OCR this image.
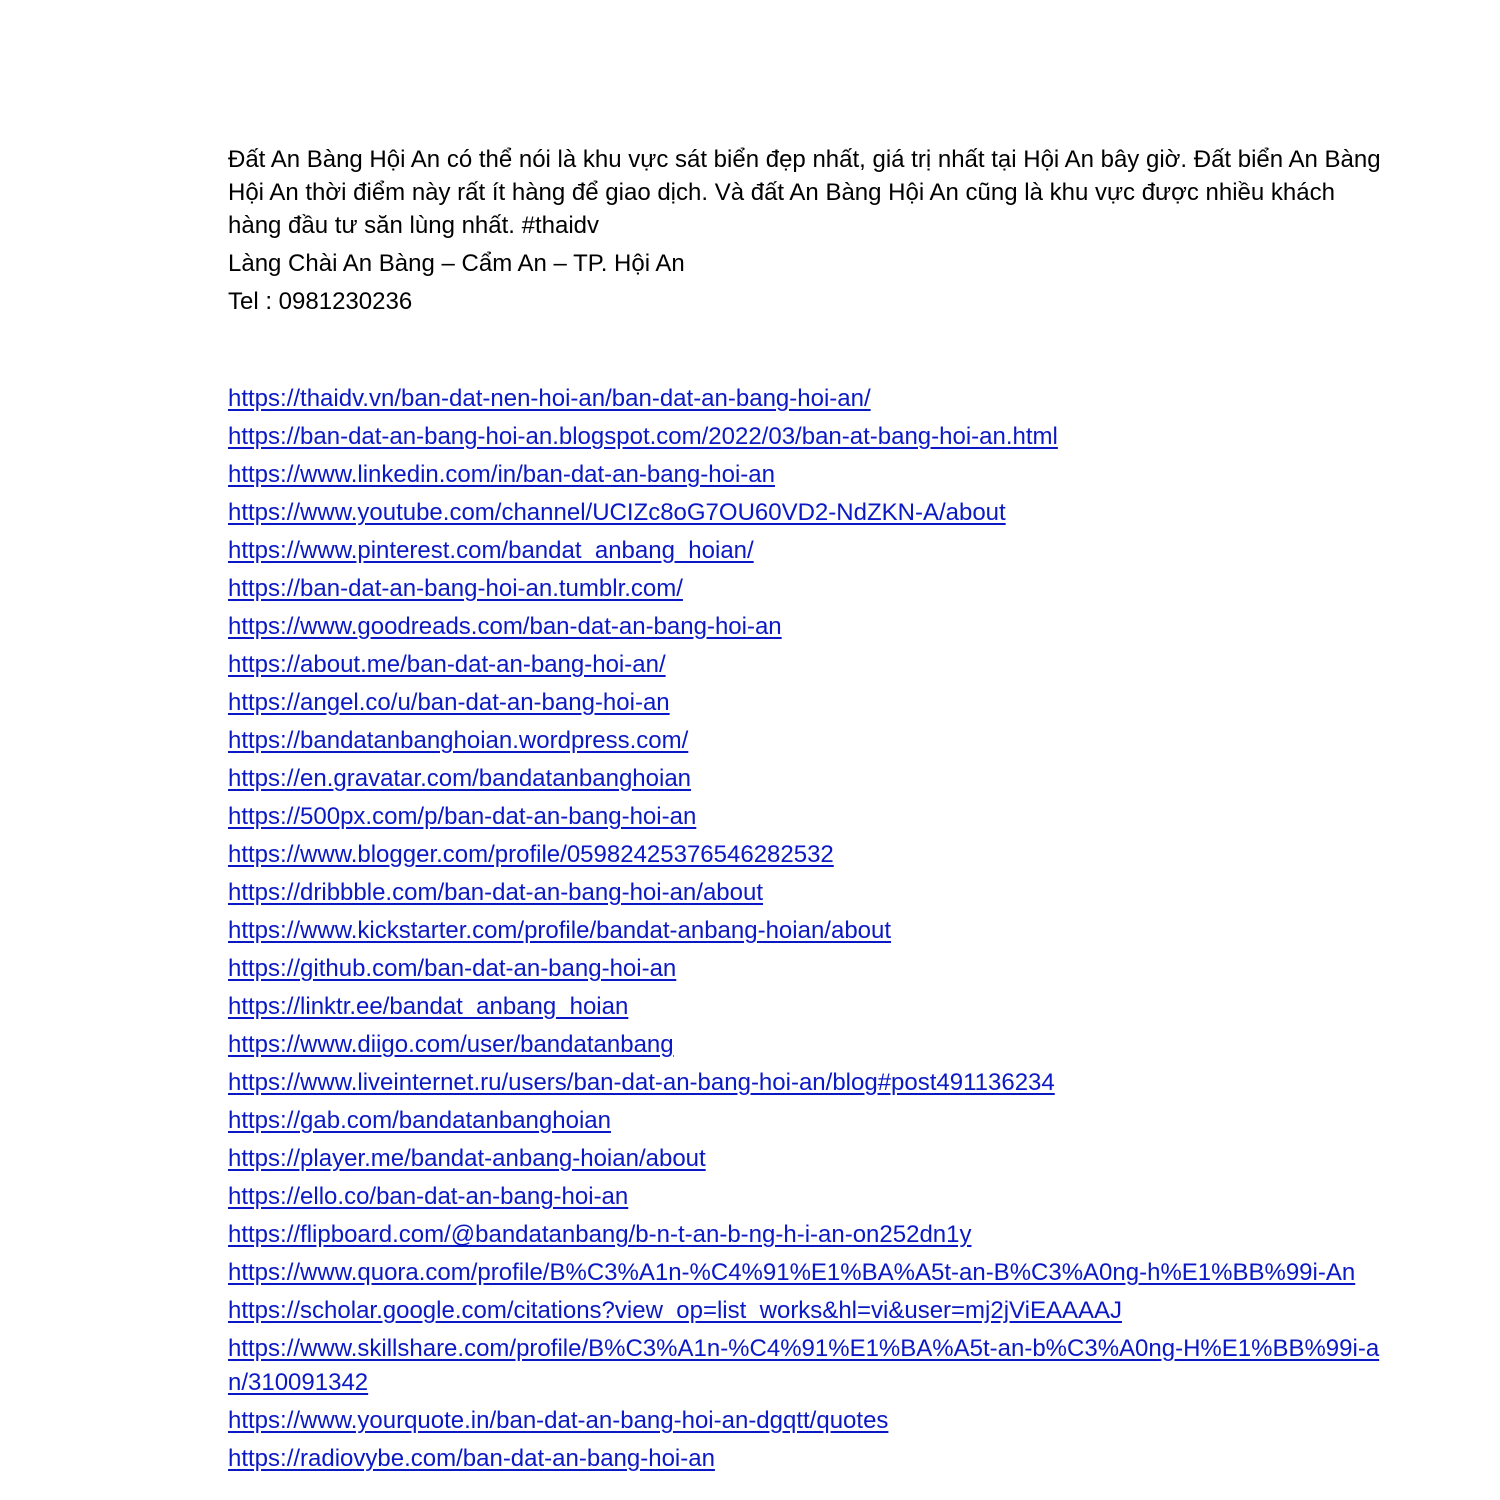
Đất An Bàng Hội An có thể nói là khu vực sát biển đẹp nhất, giá trị nhất tại Hội An bây giờ. Đất biển An Bàng Hội An thời điểm này rất ít hàng để giao dịch. Và đất An Bàng Hội An cũng là khu vực được nhiều khách hàng đầu tư săn lùng nhất. #thaidv

Làng Chài An Bàng – Cẩm An – TP. Hội An

Tel : 0981230236

https://thaidv.vn/ban-dat-nen-hoi-an/ban-dat-an-bang-hoi-an/
https://ban-dat-an-bang-hoi-an.blogspot.com/2022/03/ban-at-bang-hoi-an.html
https://www.linkedin.com/in/ban-dat-an-bang-hoi-an
https://www.youtube.com/channel/UCIZc8oG7OU60VD2-NdZKN-A/about
https://www.pinterest.com/bandat_anbang_hoian/
https://ban-dat-an-bang-hoi-an.tumblr.com/
https://www.goodreads.com/ban-dat-an-bang-hoi-an
https://about.me/ban-dat-an-bang-hoi-an/
https://angel.co/u/ban-dat-an-bang-hoi-an
https://bandatanbanghoian.wordpress.com/
https://en.gravatar.com/bandatanbanghoian
https://500px.com/p/ban-dat-an-bang-hoi-an
https://www.blogger.com/profile/05982425376546282532
https://dribbble.com/ban-dat-an-bang-hoi-an/about
https://www.kickstarter.com/profile/bandat-anbang-hoian/about
https://github.com/ban-dat-an-bang-hoi-an
https://linktr.ee/bandat_anbang_hoian
https://www.diigo.com/user/bandatanbang
https://www.liveinternet.ru/users/ban-dat-an-bang-hoi-an/blog#post491136234
https://gab.com/bandatanbanghoian
https://player.me/bandat-anbang-hoian/about
https://ello.co/ban-dat-an-bang-hoi-an
https://flipboard.com/@bandatanbang/b-n-t-an-b-ng-h-i-an-on252dn1y
https://www.quora.com/profile/B%C3%A1n-%C4%91%E1%BA%A5t-an-B%C3%A0ng-h%E1%BB%99i-An
https://scholar.google.com/citations?view_op=list_works&hl=vi&user=mj2jViEAAAAJ
https://www.skillshare.com/profile/B%C3%A1n-%C4%91%E1%BA%A5t-an-b%C3%A0ng-H%E1%BB%99i-an/310091342
https://www.yourquote.in/ban-dat-an-bang-hoi-an-dgqtt/quotes
https://radiovybe.com/ban-dat-an-bang-hoi-an
